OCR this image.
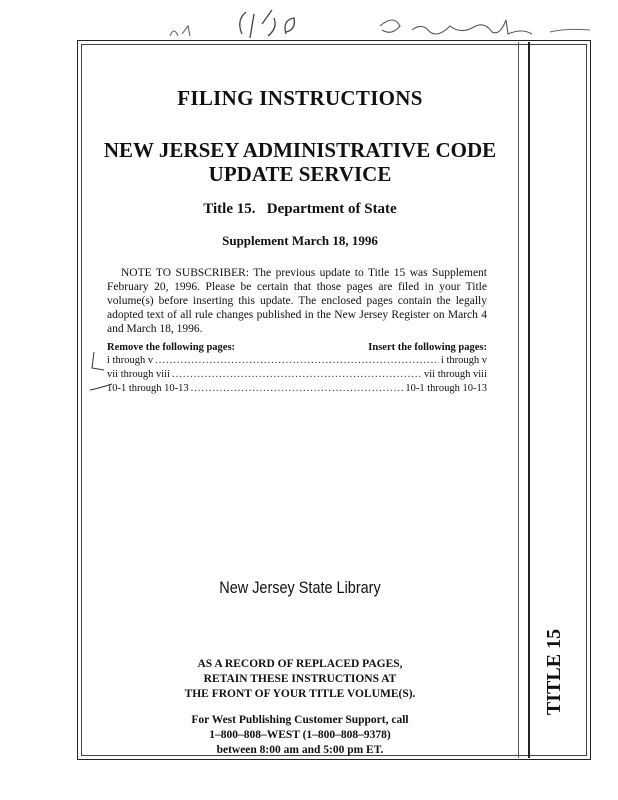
FILING INSTRUCTIONS
NEW JERSEY ADMINISTRATIVE CODE
UPDATE SERVICE
Title 15.   Department of State
Supplement March 18, 1996
NOTE TO SUBSCRIBER: The previous update to Title 15 was Supplement February 20, 1996. Please be certain that those pages are filed in your Title volume(s) before inserting this update. The enclosed pages contain the legally adopted text of all rule changes published in the New Jersey Register on March 4 and March 18, 1996.
Remove the following pages:	Insert the following pages:
i through v .....	i through v
vii through viii .....	vii through viii
10-1 through 10-13 .....	10-1 through 10-13
New Jersey State Library
AS A RECORD OF REPLACED PAGES,
RETAIN THESE INSTRUCTIONS AT
THE FRONT OF YOUR TITLE VOLUME(S).
For West Publishing Customer Support, call
1–800–808–WEST (1–800–808–9378)
between 8:00 am and 5:00 pm ET.
TITLE 15
